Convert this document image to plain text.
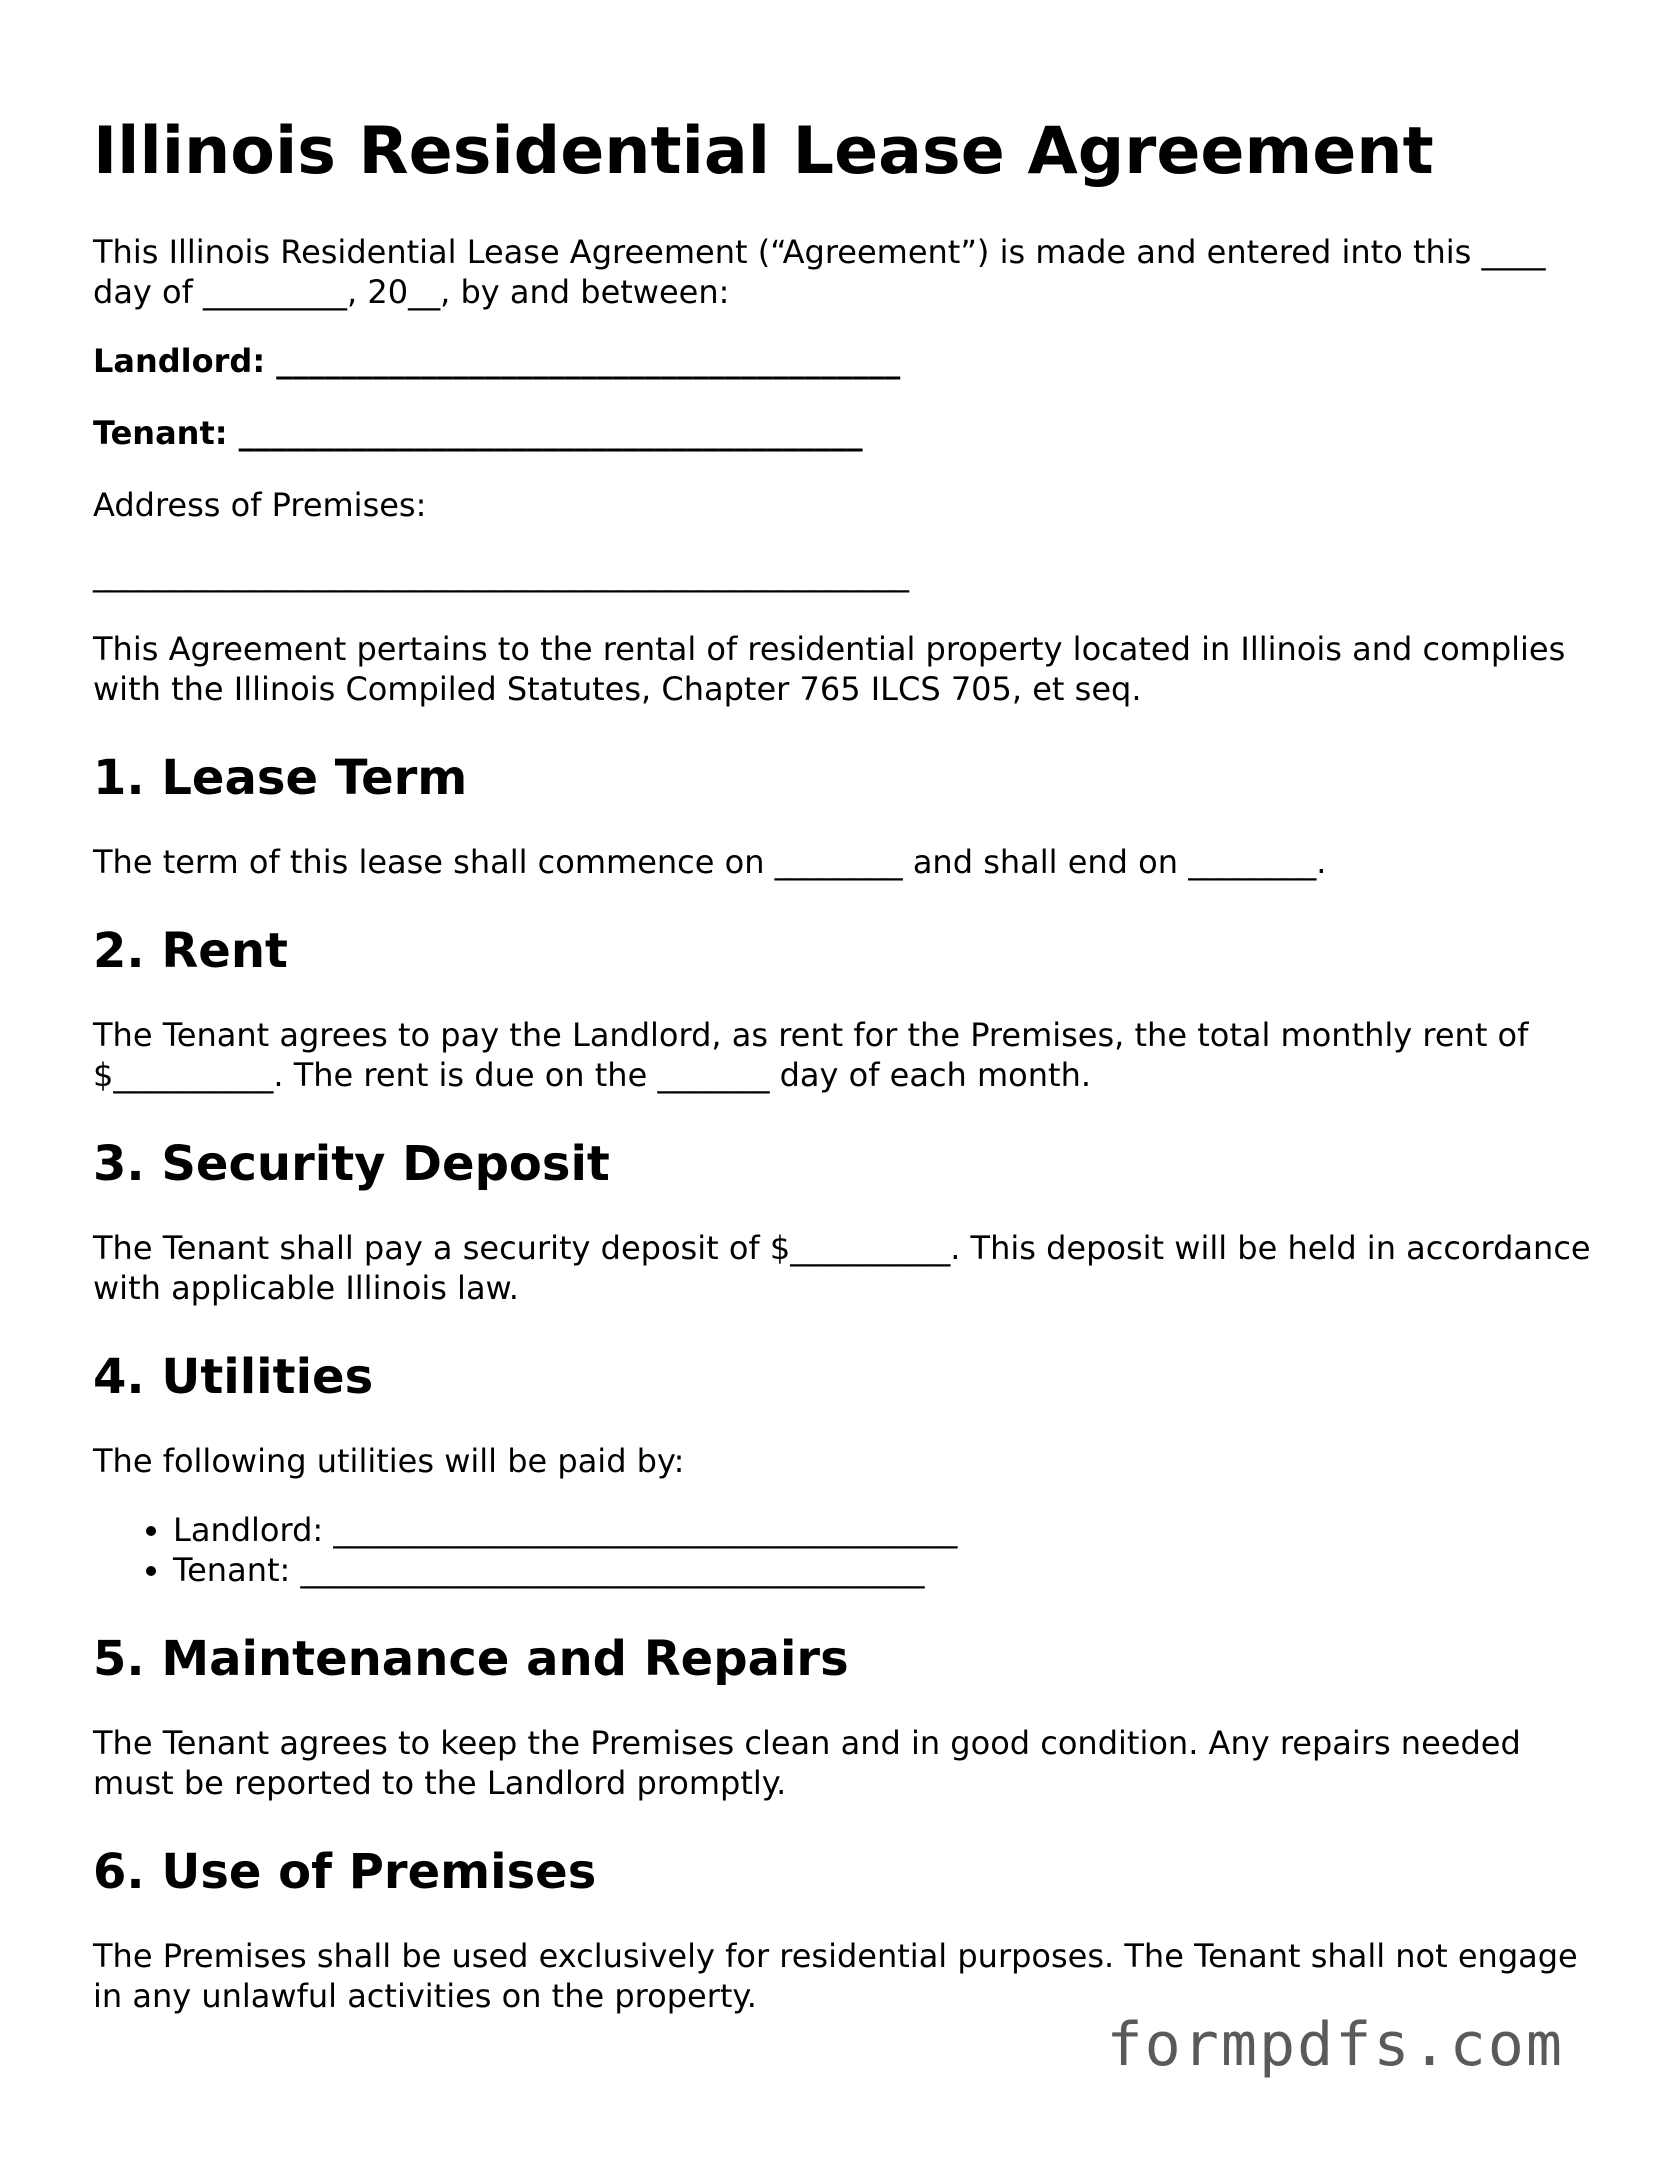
Illinois Residential Lease Agreement

This Illinois Residential Lease Agreement (“Agreement”) is made and entered into this ____ day of _________, 20__, by and between:

Landlord: _______________________________________

Tenant: _______________________________________

Address of Premises:

___________________________________________________

This Agreement pertains to the rental of residential property located in Illinois and complies with the Illinois Compiled Statutes, Chapter 765 ILCS 705, et seq.

1. Lease Term

The term of this lease shall commence on ________ and shall end on ________.

2. Rent

The Tenant agrees to pay the Landlord, as rent for the Premises, the total monthly rent of $__________. The rent is due on the _______ day of each month.

3. Security Deposit

The Tenant shall pay a security deposit of $__________. This deposit will be held in accordance with applicable Illinois law.

4. Utilities

The following utilities will be paid by:

• Landlord: _______________________________________
• Tenant: _______________________________________
5. Maintenance and Repairs

The Tenant agrees to keep the Premises clean and in good condition. Any repairs needed must be reported to the Landlord promptly.

6. Use of Premises

The Premises shall be used exclusively for residential purposes. The Tenant shall not engage in any unlawful activities on the property.

formpdfs.com
